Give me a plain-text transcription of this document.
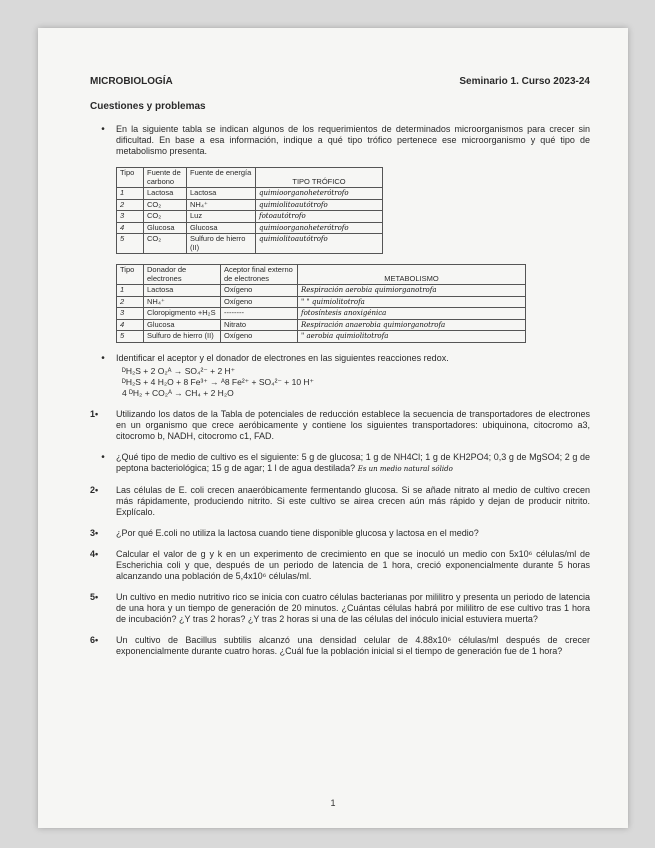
MICROBIOLOGÍA	Seminario 1. Curso 2023-24
Cuestiones y problemas
•	En la siguiente tabla se indican algunos de los requerimientos de determinados microorganismos para crecer sin dificultad. En base a esa información, indique a qué tipo trófico pertenece ese microorganismo y qué tipo de metabolismo presenta.
Tipo	Fuente de carbono	Fuente de energía	TIPO TRÓFICO
1	Lactosa	Lactosa	quimioorganoheterótrofo
2	CO₂	NH₄⁺	quimiolitoautótrofo
3	CO₂	Luz	fotoautótrofo
4	Glucosa	Glucosa	quimioorganoheterótrofo
5	CO₂	Sulfuro de hierro (II)	quimiolitoautótrofo
Tipo	Donador de electrones	Aceptor final externo de electrones	METABOLISMO
1	Lactosa	Oxígeno	Respiración aerobia quimiorganotrofa
2	NH₄⁺	Oxígeno	" " quimiolitotrofa
3	Cloropigmento +H₂S	--------	fotosíntesis anoxigénica
4	Glucosa	Nitrato	Respiración anaerobia quimiorganotrofa
5	Sulfuro de hierro (II)	Oxígeno	" aerobia quimiolitotrofa
•	Identificar el aceptor y el donador de electrones en las siguientes reacciones redox.
ᴰH₂S + 2 O₂ᴬ → SO₄²⁻ + 2 H⁺
ᴰH₂S + 4 H₂O + 8 Fe³⁺ → ᴬ8 Fe²⁺ + SO₄²⁻ + 10 H⁺
4 ᴰH₂ + CO₂ᴬ → CH₄ + 2 H₂O
1•	Utilizando los datos de la Tabla de potenciales de reducción establece la secuencia de transportadores de electrones en un organismo que crece aeróbicamente y contiene los siguientes transportadores: ubiquinona, citocromo a3, citocromo b, NADH, citocromo c1, FAD.
•	¿Qué tipo de medio de cultivo es el siguiente: 5 g de glucosa; 1 g de NH4Cl; 1 g de KH2PO4; 0,3 g de MgSO4; 2 g de peptona bacteriológica; 15 g de agar; 1 l de agua destilada? Es un medio natural sólido
2•	Las células de E. coli crecen anaeróbicamente fermentando glucosa. Si se añade nitrato al medio de cultivo crecen más rápidamente, produciendo nitrito. Si este cultivo se airea crecen aún más rápido y dejan de producir nitrito. Explícalo.
3•	¿Por qué E.coli no utiliza la lactosa cuando tiene disponible glucosa y lactosa en el medio?
4•	Calcular el valor de g y k en un experimento de crecimiento en que se inoculó un medio con 5x10⁶ células/ml de Escherichia coli y que, después de un periodo de latencia de 1 hora, creció exponencialmente durante 5 horas alcanzando una población de 5,4x10⁶ células/ml.
5•	Un cultivo en medio nutritivo rico se inicia con cuatro células bacterianas por mililitro y presenta un periodo de latencia de una hora y un tiempo de generación de 20 minutos. ¿Cuántas células habrá por mililitro de ese cultivo tras 1 hora de incubación? ¿Y tras 2 horas? ¿Y tras 2 horas si una de las células del inóculo inicial estuviera muerta?
6•	Un cultivo de Bacillus subtilis alcanzó una densidad celular de 4.88x10⁶ células/ml después de crecer exponencialmente durante cuatro horas. ¿Cuál fue la población inicial si el tiempo de generación fue de 1 hora?
1
